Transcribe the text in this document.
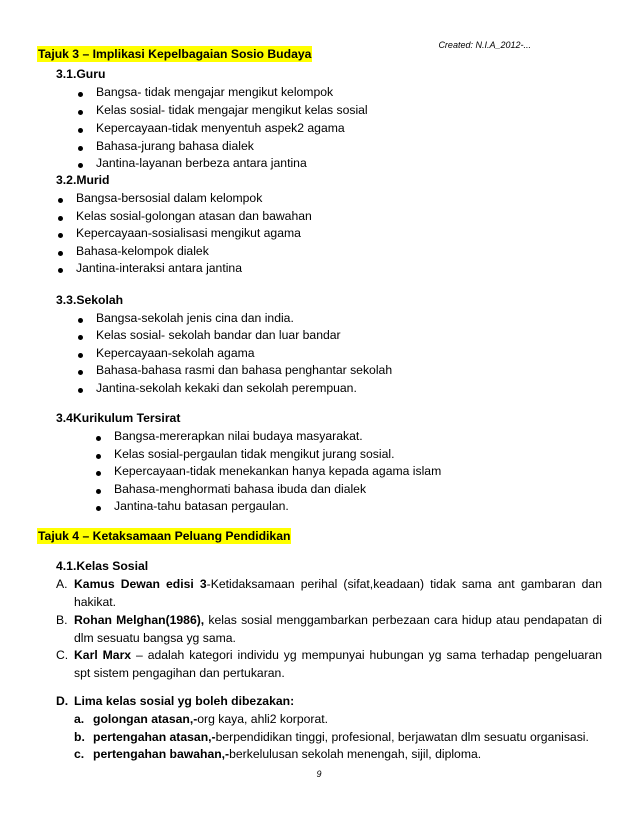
Created: N.I.A_2012-...
Tajuk 3 – Implikasi Kepelbagaian Sosio Budaya
3.1.Guru
Bangsa- tidak mengajar mengikut kelompok
Kelas sosial- tidak mengajar mengikut kelas sosial
Kepercayaan-tidak menyentuh aspek2 agama
Bahasa-jurang bahasa dialek
Jantina-layanan berbeza antara jantina
3.2.Murid
Bangsa-bersosial dalam kelompok
Kelas sosial-golongan atasan dan bawahan
Kepercayaan-sosialisasi mengikut agama
Bahasa-kelompok dialek
Jantina-interaksi antara jantina
3.3.Sekolah
Bangsa-sekolah jenis cina dan india.
Kelas sosial- sekolah bandar dan luar bandar
Kepercayaan-sekolah agama
Bahasa-bahasa rasmi dan bahasa penghantar sekolah
Jantina-sekolah kekaki dan sekolah perempuan.
3.4Kurikulum Tersirat
Bangsa-mererapkan nilai budaya masyarakat.
Kelas sosial-pergaulan tidak mengikut jurang sosial.
Kepercayaan-tidak menekankan hanya kepada agama islam
Bahasa-menghormati bahasa ibuda dan dialek
Jantina-tahu batasan pergaulan.
Tajuk 4 – Ketaksamaan Peluang Pendidikan
4.1.Kelas Sosial
A. Kamus Dewan edisi 3-Ketidaksamaan perihal (sifat,keadaan) tidak sama ant gambaran dan hakikat.
B. Rohan Melghan(1986), kelas sosial menggambarkan perbezaan cara hidup atau pendapatan di dlm sesuatu bangsa yg sama.
C. Karl Marx – adalah kategori individu yg mempunyai hubungan yg sama terhadap pengeluaran spt sistem pengagihan dan pertukaran.
D. Lima kelas sosial yg boleh dibezakan:
a. golongan atasan,-org kaya, ahli2 korporat.
b. pertengahan atasan,-berpendidikan tinggi, profesional, berjawatan dlm sesuatu organisasi.
c. pertengahan bawahan,-berkelulusan sekolah menengah, sijil, diploma.
9
